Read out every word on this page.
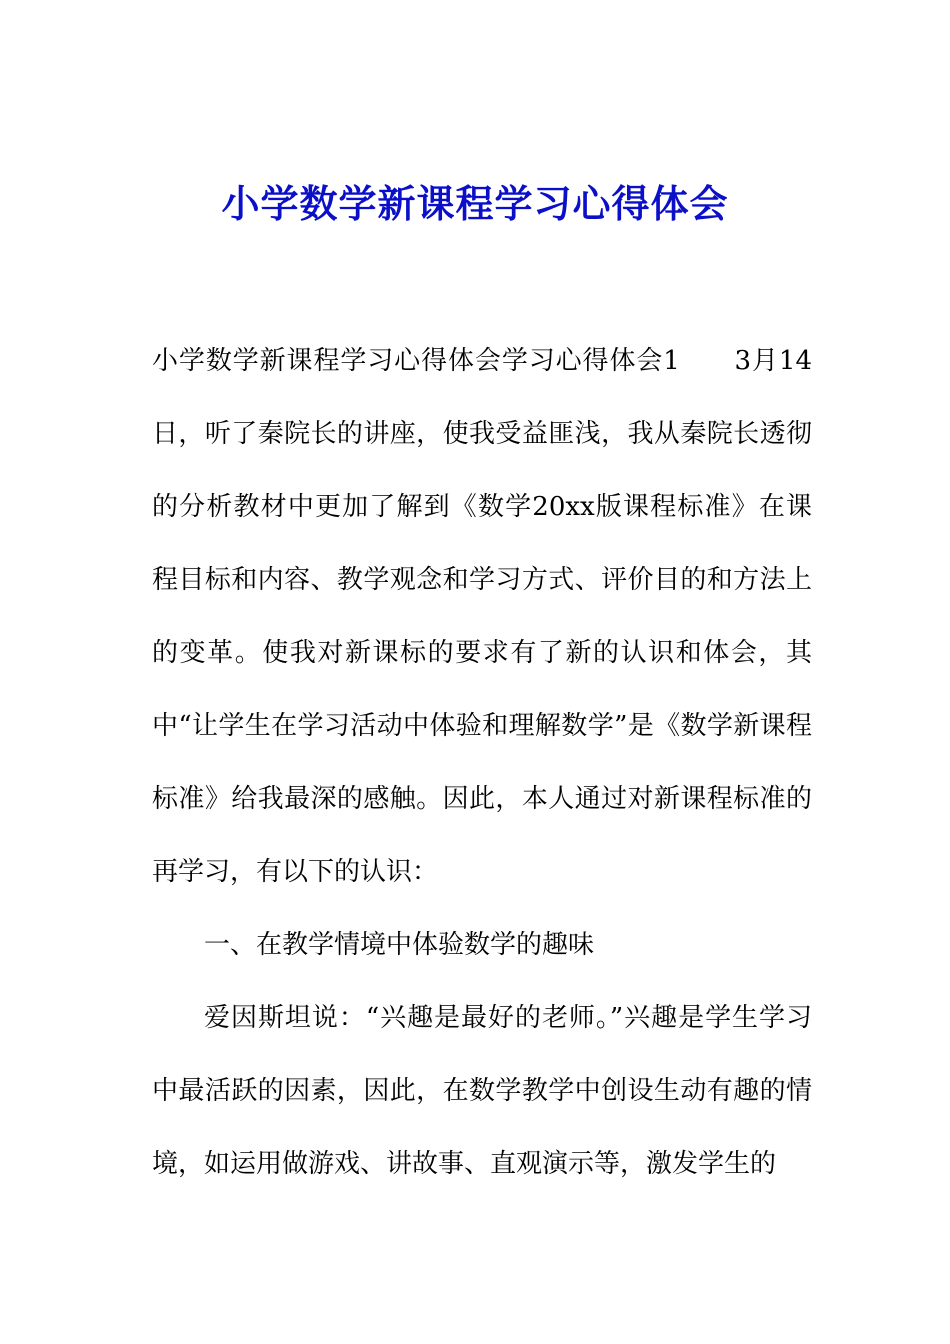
小学数学新课程学习心得体会

小学数学新课程学习心得体会学习心得体会1　　3月14日，听了秦院长的讲座，使我受益匪浅，我从秦院长透彻的分析教材中更加了解到《数学20xx版课程标准》在课程目标和内容、教学观念和学习方式、评价目的和方法上的变革。使我对新课标的要求有了新的认识和体会，其中“让学生在学习活动中体验和理解数学”是《数学新课程标准》给我最深的感触。因此，本人通过对新课程标准的再学习，有以下的认识：

一、在教学情境中体验数学的趣味

爱因斯坦说：“兴趣是最好的老师。”兴趣是学生学习中最活跃的因素，因此，在数学教学中创设生动有趣的情境，如运用做游戏、讲故事、直观演示等，激发学生的
